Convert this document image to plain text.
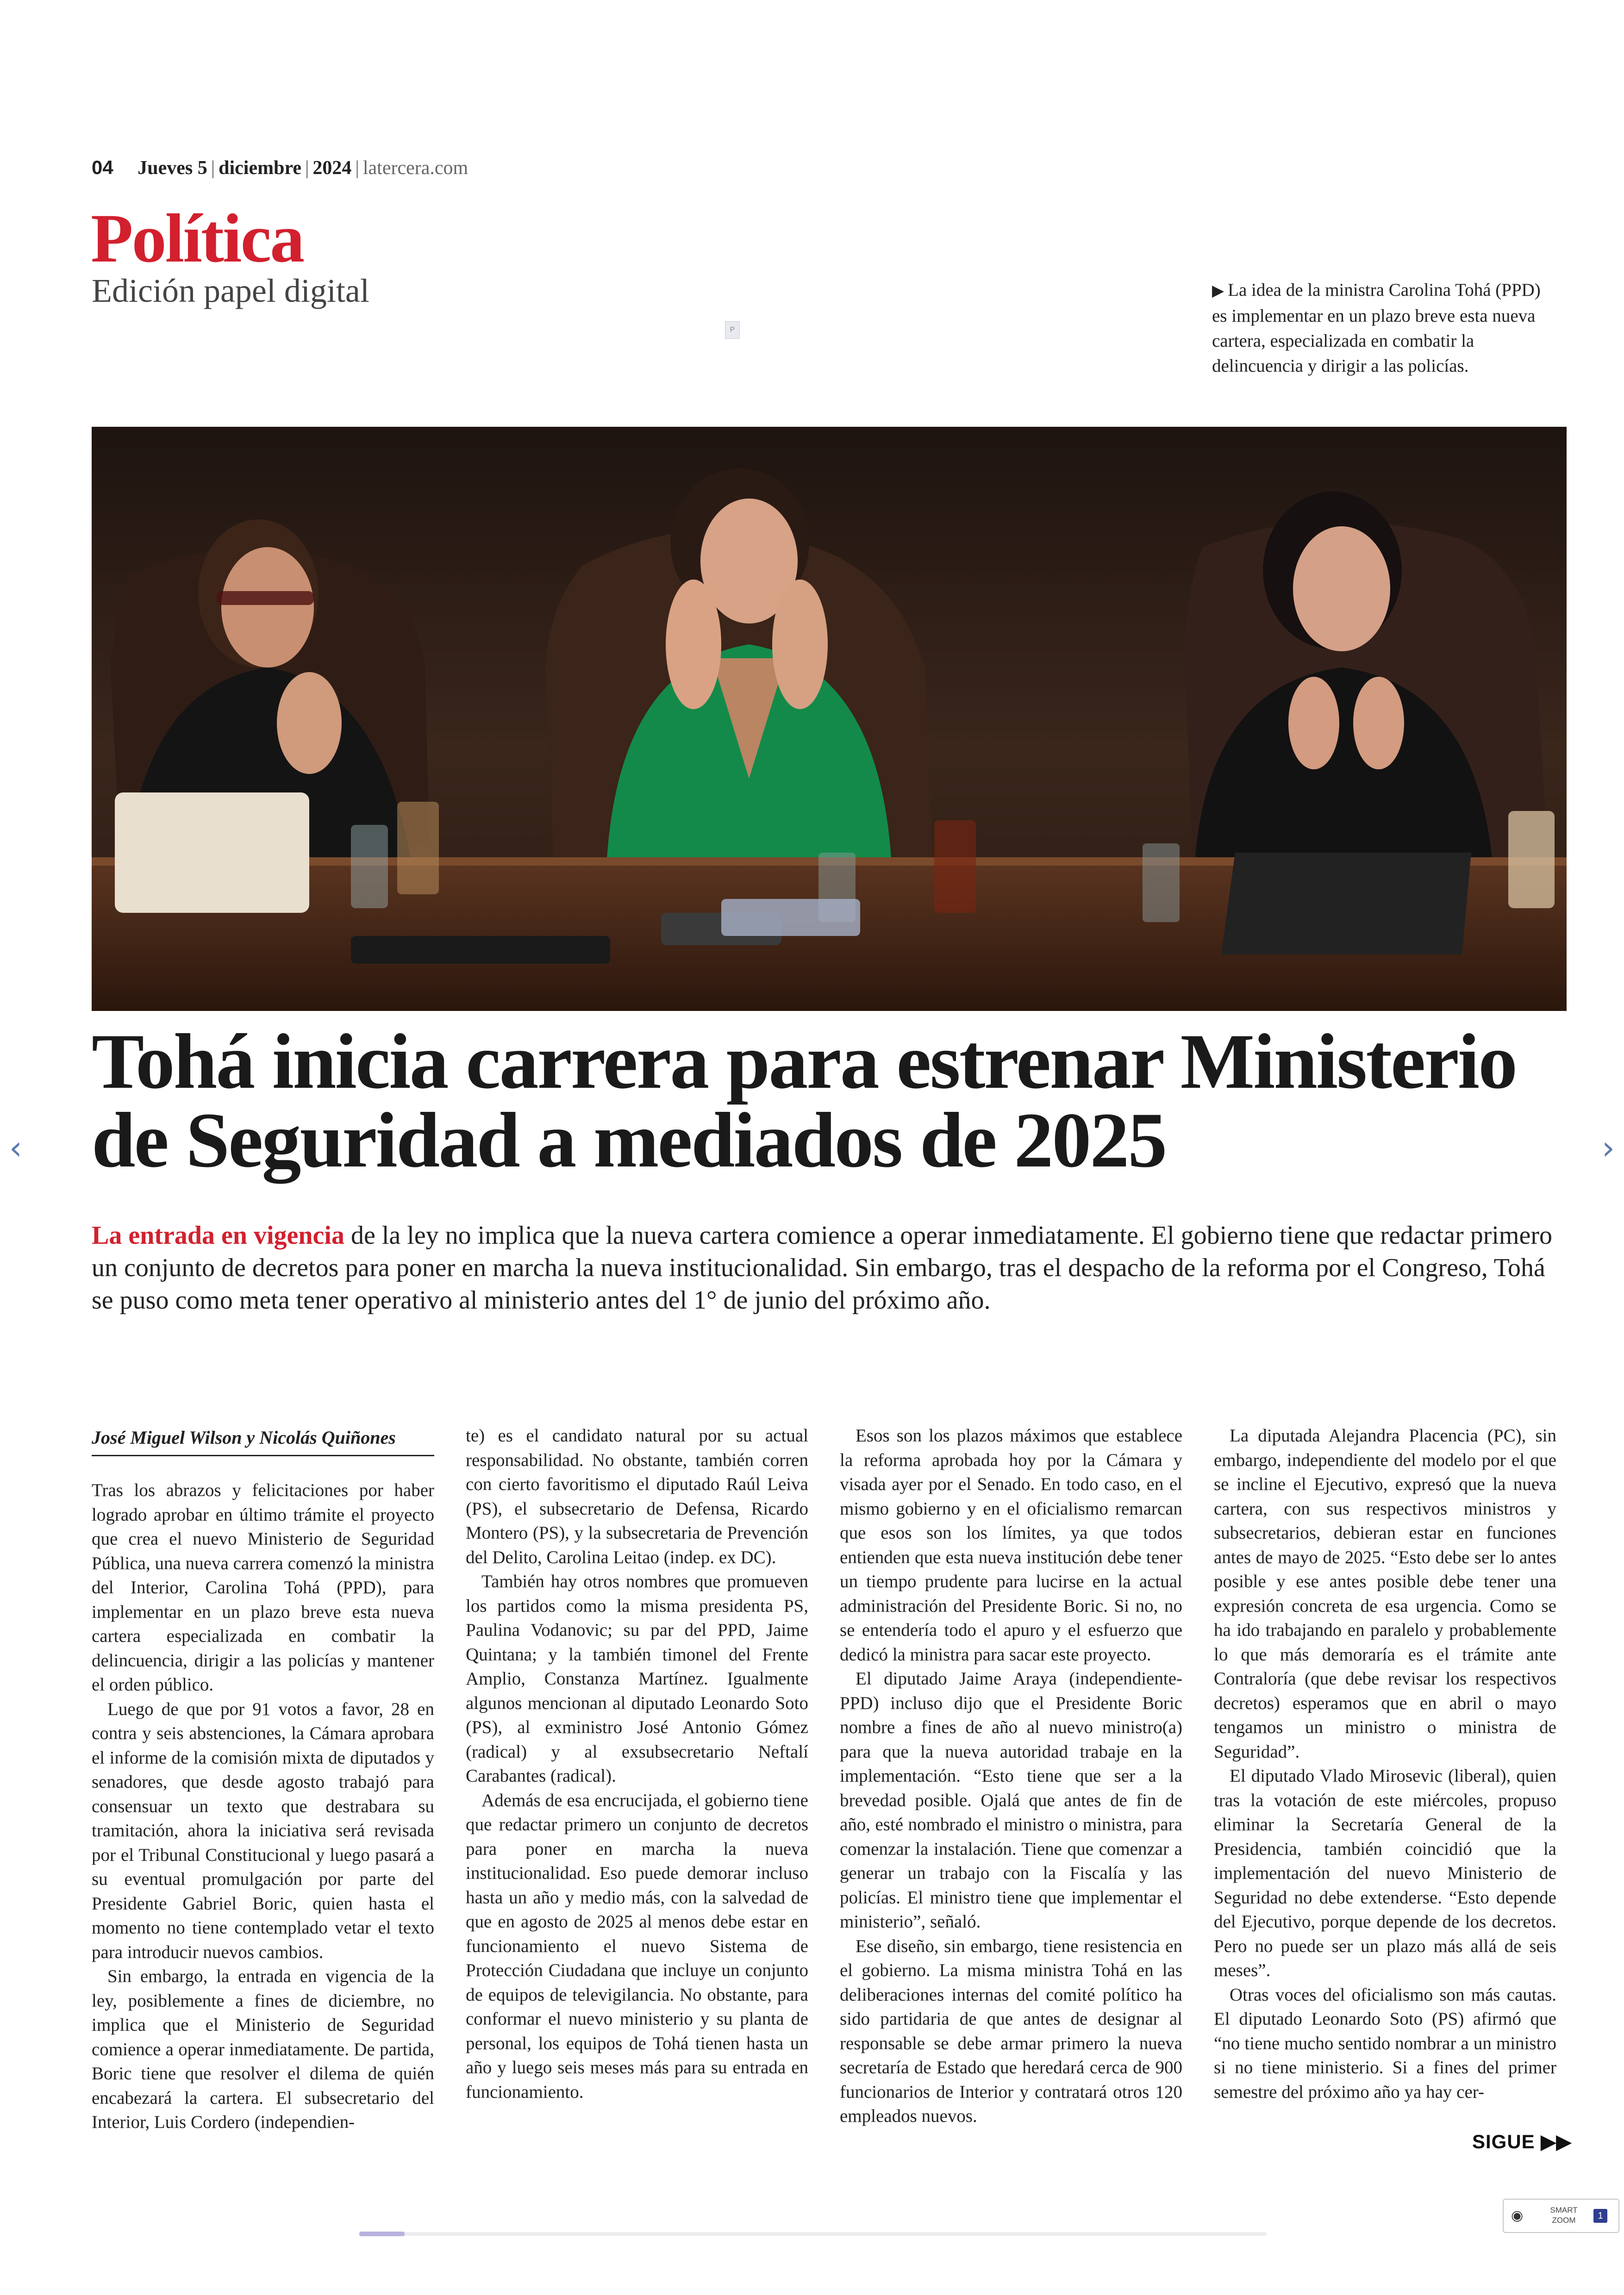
04 Jueves 5 | diciembre | 2024 | latercera.com
Política
Edición papel digital
P
▶ La idea de la ministra Carolina Tohá (PPD) es implementar en un plazo breve esta nueva cartera, especializada en combatir la delincuencia y dirigir a las policías.
Tohá inicia carrera para estrenar Ministerio de Seguridad a mediados de 2025
La entrada en vigencia de la ley no implica que la nueva cartera comience a operar inmediatamente. El gobierno tiene que redactar primero un conjunto de decretos para poner en marcha la nueva institucionalidad. Sin embargo, tras el despacho de la reforma por el Congreso, Tohá se puso como meta tener operativo al ministerio antes del 1° de junio del próximo año.
José Miguel Wilson y Nicolás Quiñones

Tras los abrazos y felicitaciones por haber logrado aprobar en último trámite el proyecto que crea el nuevo Ministerio de Seguridad Pública, una nueva carrera comenzó la ministra del Interior, Carolina Tohá (PPD), para implementar en un plazo breve esta nueva cartera especializada en combatir la delincuencia, dirigir a las policías y mantener el orden público.

Luego de que por 91 votos a favor, 28 en contra y seis abstenciones, la Cámara aprobara el informe de la comisión mixta de diputados y senadores, que desde agosto trabajó para consensuar un texto que destrabara su tramitación, ahora la iniciativa será revisada por el Tribunal Constitucional y luego pasará a su eventual promulgación por parte del Presidente Gabriel Boric, quien hasta el momento no tiene contemplado vetar el texto para introducir nuevos cambios.

Sin embargo, la entrada en vigencia de la ley, posiblemente a fines de diciembre, no implica que el Ministerio de Seguridad comience a operar inmediatamente. De partida, Boric tiene que resolver el dilema de quién encabezará la cartera. El subsecretario del Interior, Luis Cordero (independien-

te) es el candidato natural por su actual responsabilidad. No obstante, también corren con cierto favoritismo el diputado Raúl Leiva (PS), el subsecretario de Defensa, Ricardo Montero (PS), y la subsecretaria de Prevención del Delito, Carolina Leitao (indep. ex DC).

También hay otros nombres que promueven los partidos como la misma presidenta PS, Paulina Vodanovic; su par del PPD, Jaime Quintana; y la también timonel del Frente Amplio, Constanza Martínez. Igualmente algunos mencionan al diputado Leonardo Soto (PS), al exministro José Antonio Gómez (radical) y al exsubsecretario Neftalí Carabantes (radical).

Además de esa encrucijada, el gobierno tiene que redactar primero un conjunto de decretos para poner en marcha la nueva institucionalidad. Eso puede demorar incluso hasta un año y medio más, con la salvedad de que en agosto de 2025 al menos debe estar en funcionamiento el nuevo Sistema de Protección Ciudadana que incluye un conjunto de equipos de televigilancia. No obstante, para conformar el nuevo ministerio y su planta de personal, los equipos de Tohá tienen hasta un año y luego seis meses más para su entrada en funcionamiento.

Esos son los plazos máximos que establece la reforma aprobada hoy por la Cámara y visada ayer por el Senado. En todo caso, en el mismo gobierno y en el oficialismo remarcan que esos son los límites, ya que todos entienden que esta nueva institución debe tener un tiempo prudente para lucirse en la actual administración del Presidente Boric. Si no, no se entendería todo el apuro y el esfuerzo que dedicó la ministra para sacar este proyecto.

El diputado Jaime Araya (independiente-PPD) incluso dijo que el Presidente Boric nombre a fines de año al nuevo ministro(a) para que la nueva autoridad trabaje en la implementación. “Esto tiene que ser a la brevedad posible. Ojalá que antes de fin de año, esté nombrado el ministro o ministra, para comenzar la instalación. Tiene que comenzar a generar un trabajo con la Fiscalía y las policías. El ministro tiene que implementar el ministerio”, señaló.

Ese diseño, sin embargo, tiene resistencia en el gobierno. La misma ministra Tohá en las deliberaciones internas del comité político ha sido partidaria de que antes de designar al responsable se debe armar primero la nueva secretaría de Estado que heredará cerca de 900 funcionarios de Interior y contratará otros 120 empleados nuevos.

La diputada Alejandra Placencia (PC), sin embargo, independiente del modelo por el que se incline el Ejecutivo, expresó que la nueva cartera, con sus respectivos ministros y subsecretarios, debieran estar en funciones antes de mayo de 2025. “Esto debe ser lo antes posible y ese antes posible debe tener una expresión concreta de esa urgencia. Como se ha ido trabajando en paralelo y probablemente lo que más demoraría es el trámite ante Contraloría (que debe revisar los respectivos decretos) esperamos que en abril o mayo tengamos un ministro o ministra de Seguridad”.

El diputado Vlado Mirosevic (liberal), quien tras la votación de este miércoles, propuso eliminar la Secretaría General de la Presidencia, también coincidió que la implementación del nuevo Ministerio de Seguridad no debe extenderse. “Esto depende del Ejecutivo, porque depende de los decretos. Pero no puede ser un plazo más allá de seis meses”.

Otras voces del oficialismo son más cautas. El diputado Leonardo Soto (PS) afirmó que “no tiene mucho sentido nombrar a un ministro si no tiene ministerio. Si a fines del primer semestre del próximo año ya hay cer-

SIGUE ▶▶
‹	›
◉	SMART
ZOOM	1
